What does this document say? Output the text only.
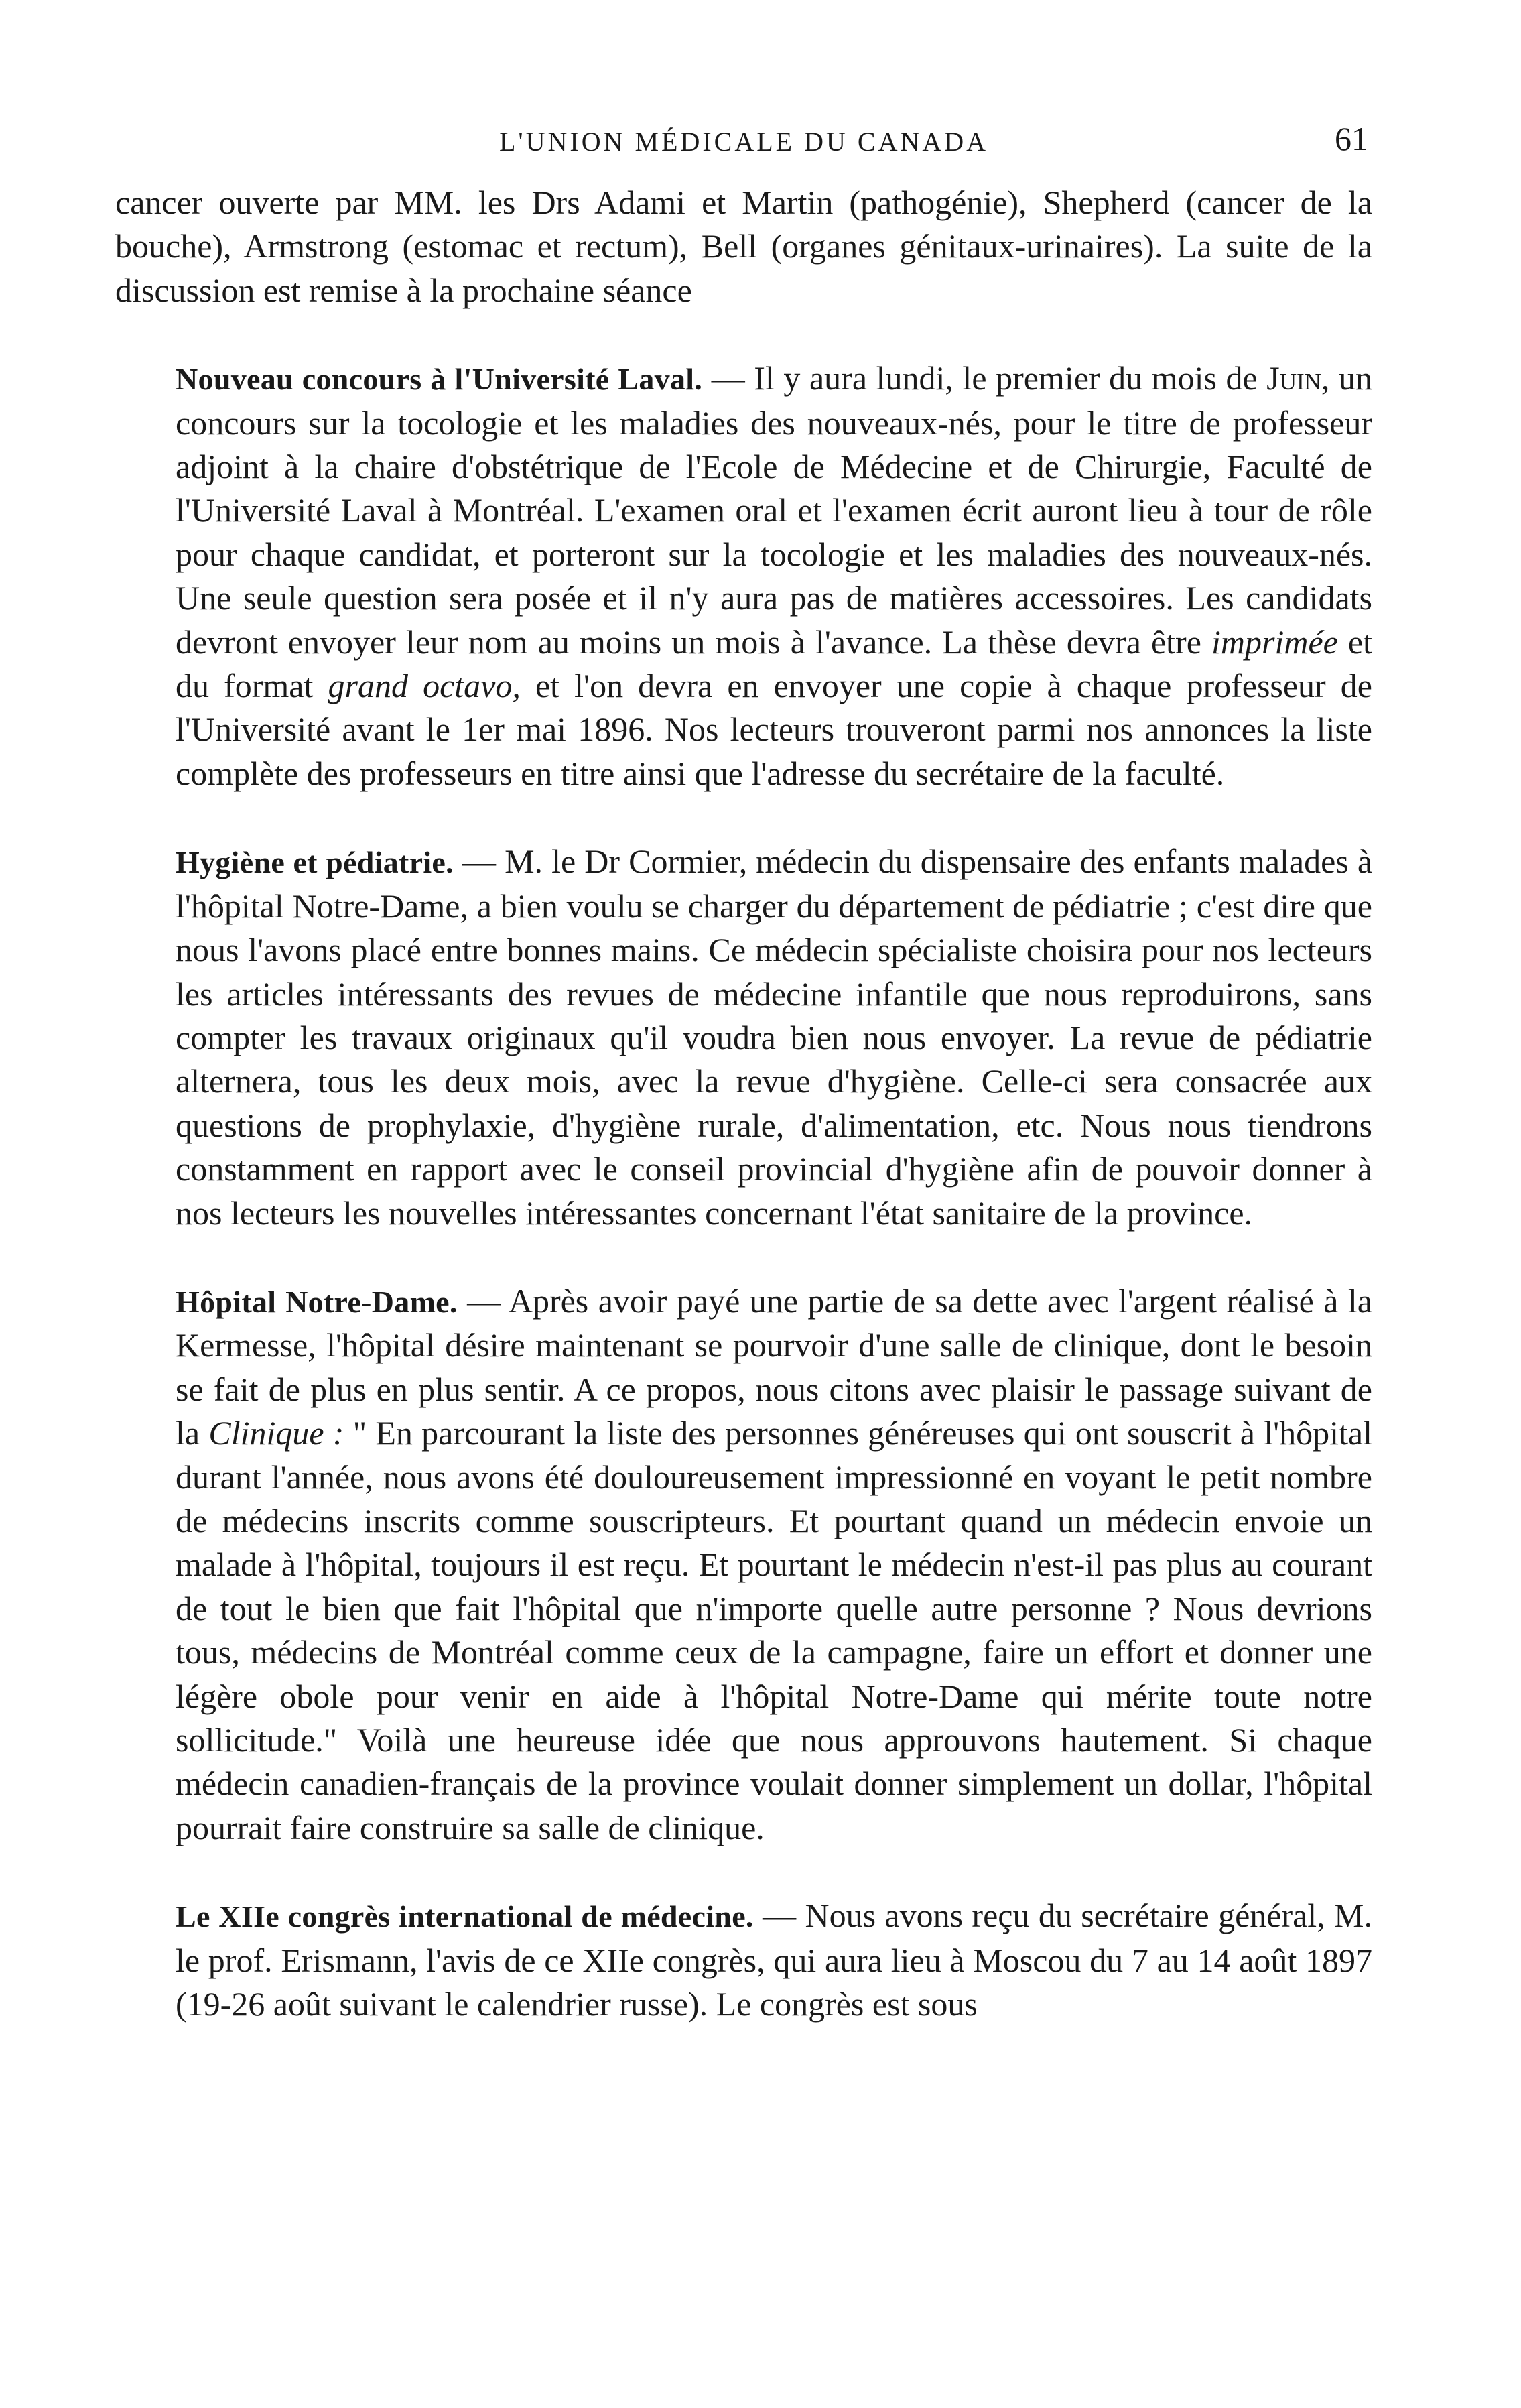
L'UNION MÉDICALE DU CANADA	61

cancer ouverte par MM. les Drs Adami et Martin (pathogénie), Shepherd (cancer de la bouche), Armstrong (estomac et rectum), Bell (organes génitaux-urinaires). La suite de la discussion est remise à la prochaine séance

Nouveau concours à l'Université Laval. — Il y aura lundi, le premier du mois de Juin, un concours sur la tocologie et les maladies des nouveaux-nés, pour le titre de professeur adjoint à la chaire d'obstétrique de l'Ecole de Médecine et de Chirurgie, Faculté de l'Université Laval à Montréal. L'examen oral et l'examen écrit auront lieu à tour de rôle pour chaque candidat, et porteront sur la tocologie et les maladies des nouveaux-nés. Une seule question sera posée et il n'y aura pas de matières accessoires. Les candidats devront envoyer leur nom au moins un mois à l'avance. La thèse devra être imprimée et du format grand octavo, et l'on devra en envoyer une copie à chaque professeur de l'Université avant le 1er mai 1896. Nos lecteurs trouveront parmi nos annonces la liste complète des professeurs en titre ainsi que l'adresse du secrétaire de la faculté.

Hygiène et pédiatrie. — M. le Dr Cormier, médecin du dispensaire des enfants malades à l'hôpital Notre-Dame, a bien voulu se charger du département de pédiatrie ; c'est dire que nous l'avons placé entre bonnes mains. Ce médecin spécialiste choisira pour nos lecteurs les articles intéressants des revues de médecine infantile que nous reproduirons, sans compter les travaux originaux qu'il voudra bien nous envoyer. La revue de pédiatrie alternera, tous les deux mois, avec la revue d'hygiène. Celle-ci sera consacrée aux questions de prophylaxie, d'hygiène rurale, d'alimentation, etc. Nous nous tiendrons constamment en rapport avec le conseil provincial d'hygiène afin de pouvoir donner à nos lecteurs les nouvelles intéressantes concernant l'état sanitaire de la province.

Hôpital Notre-Dame. — Après avoir payé une partie de sa dette avec l'argent réalisé à la Kermesse, l'hôpital désire maintenant se pourvoir d'une salle de clinique, dont le besoin se fait de plus en plus sentir. A ce propos, nous citons avec plaisir le passage suivant de la Clinique : " En parcourant la liste des personnes généreuses qui ont souscrit à l'hôpital durant l'année, nous avons été douloureusement impressionné en voyant le petit nombre de médecins inscrits comme souscripteurs. Et pourtant quand un médecin envoie un malade à l'hôpital, toujours il est reçu. Et pourtant le médecin n'est-il pas plus au courant de tout le bien que fait l'hôpital que n'importe quelle autre personne ? Nous devrions tous, médecins de Montréal comme ceux de la campagne, faire un effort et donner une légère obole pour venir en aide à l'hôpital Notre-Dame qui mérite toute notre sollicitude." Voilà une heureuse idée que nous approuvons hautement. Si chaque médecin canadien-français de la province voulait donner simplement un dollar, l'hôpital pourrait faire construire sa salle de clinique.

Le XIIe congrès international de médecine. — Nous avons reçu du secrétaire général, M. le prof. Erismann, l'avis de ce XIIe congrès, qui aura lieu à Moscou du 7 au 14 août 1897 (19-26 août suivant le calendrier russe). Le congrès est sous
